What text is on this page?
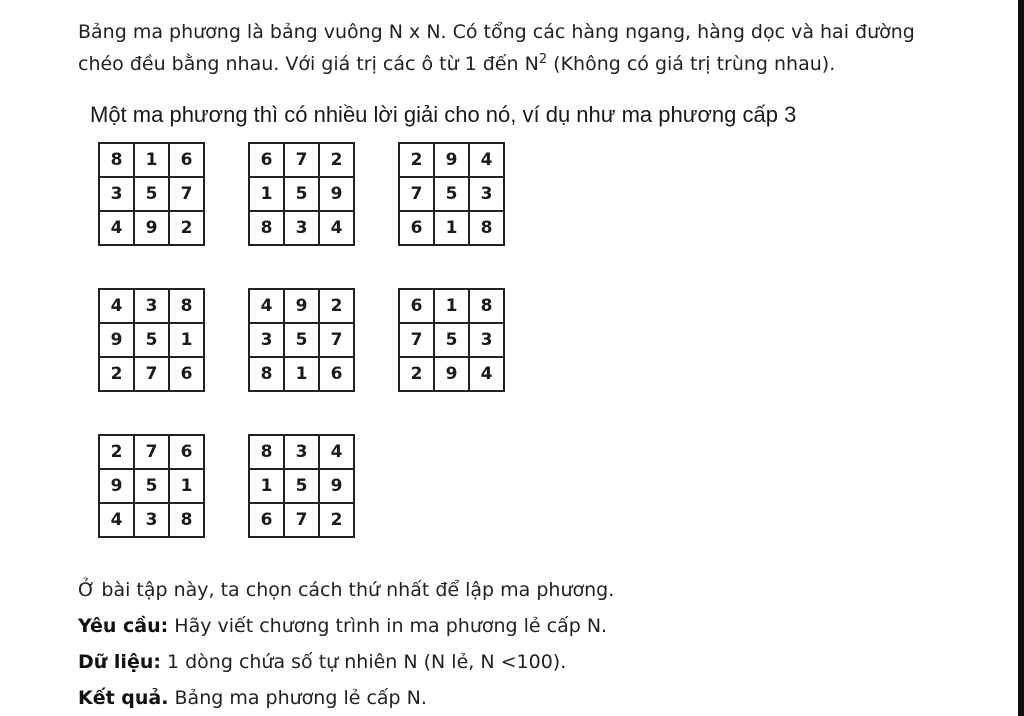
Bảng ma phương là bảng vuông N x N. Có tổng các hàng ngang, hàng dọc và hai đường

chéo đều bằng nhau. Với giá trị các ô từ 1 đến $N^2$ (Không có giá trị trùng nhau).

Một ma phương thì có nhiều lời giải cho nó, ví dụ như ma phương cấp 3
8	1	6
3	5	7
4	9	2
6	7	2
1	5	9
8	3	4
2	9	4
7	5	3
6	1	8
4	3	8
9	5	1
2	7	6
4	9	2
3	5	7
8	1	6
6	1	8
7	5	3
2	9	4
2	7	6
9	5	1
4	3	8
8	3	4
1	5	9
6	7	2

Ở bài tập này, ta chọn cách thứ nhất để lập ma phương.

Yêu cầu: Hãy viết chương trình in ma phương lẻ cấp N.

Dữ liệu: 1 dòng chứa số tự nhiên N (N lẻ, N <100).

Kết quả. Bảng ma phương lẻ cấp N.
